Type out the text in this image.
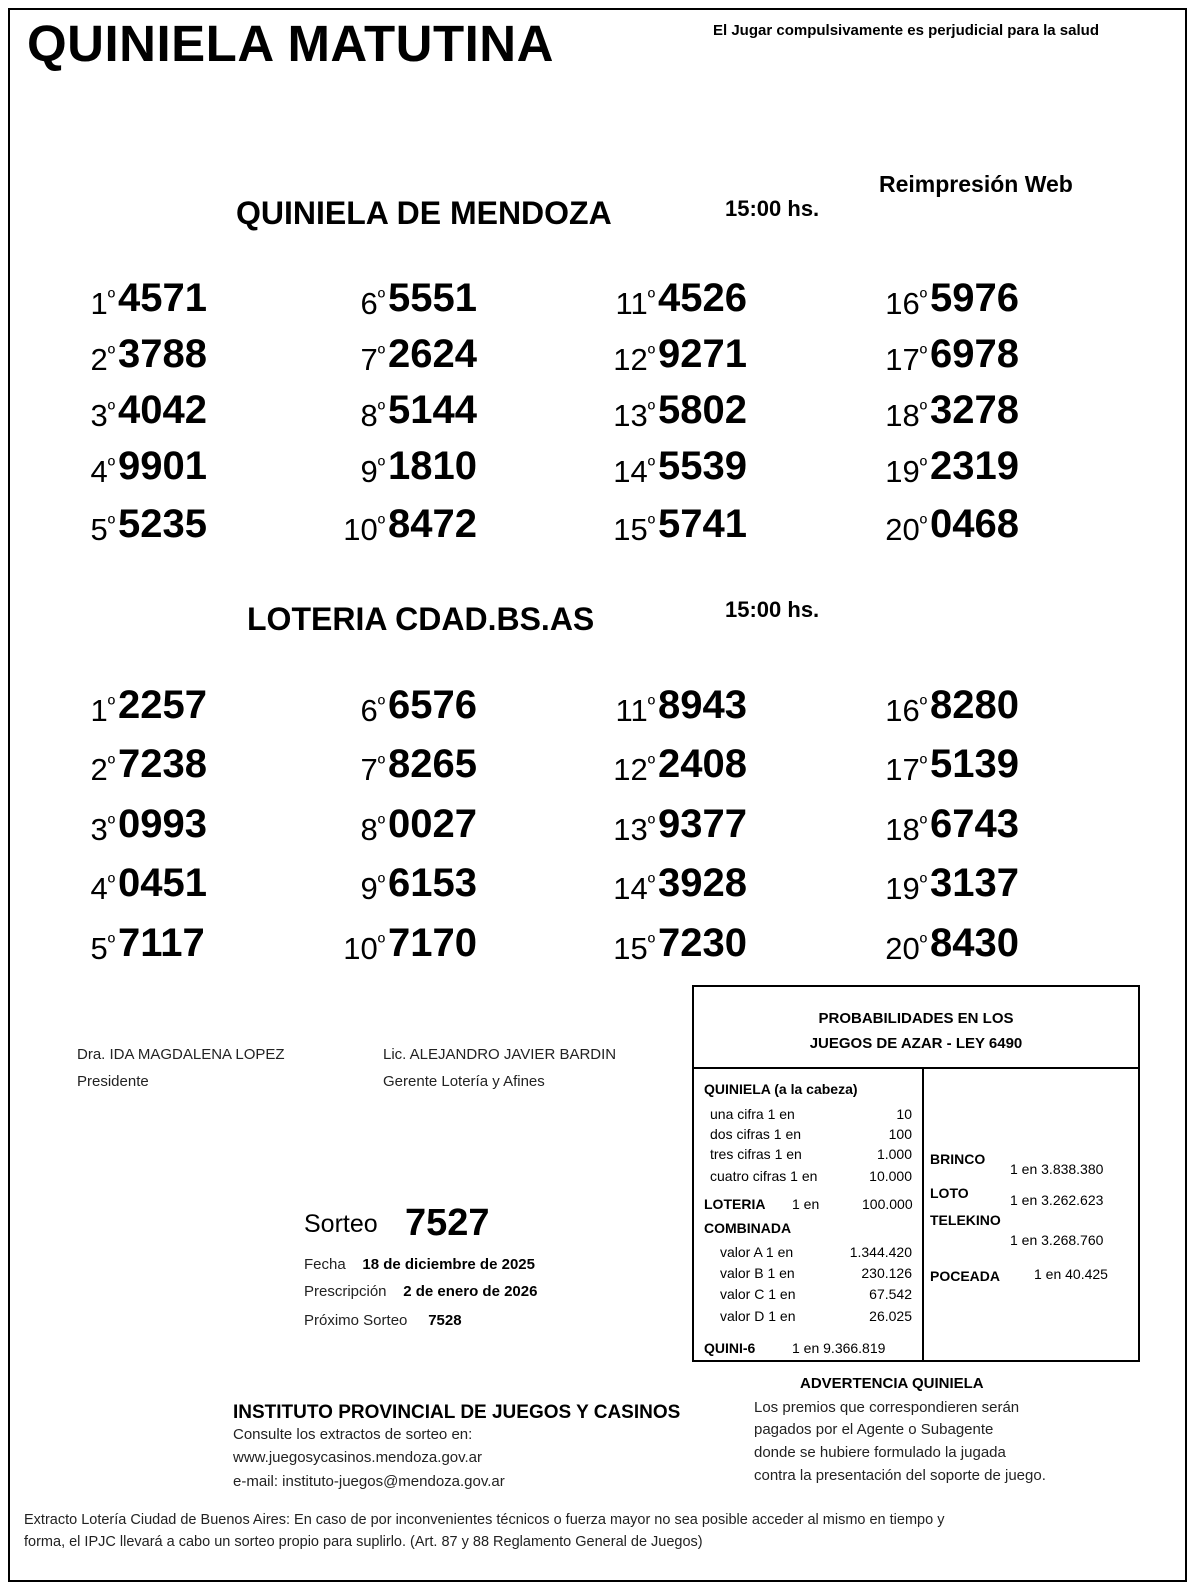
QUINIELA MATUTINA	El Jugar compulsivamente es perjudicial para la salud
Reimpresión Web
QUINIELA DE MENDOZA	15:00 hs.
$1^º$ 4571
$2^º$ 3788
$3^º$ 4042
$4^º$ 9901
$5^º$ 5235
$6^º$ 5551
$7^º$ 2624
$8^º$ 5144
$9^º$ 1810
$10^º$ 8472
$11^º$ 4526
$12^º$ 9271
$13^º$ 5802
$14^º$ 5539
$15^º$ 5741
$16^º$ 5976
$17^º$ 6978
$18^º$ 3278
$19^º$ 2319
$20^º$ 0468
LOTERIA CDAD.BS.AS	15:00 hs.
$1^º$ 2257
$2^º$ 7238
$3^º$ 0993
$4^º$ 0451
$5^º$ 7117
$6^º$ 6576
$7^º$ 8265
$8^º$ 0027
$9^º$ 6153
$10^º$ 7170
$11^º$ 8943
$12^º$ 2408
$13^º$ 9377
$14^º$ 3928
$15^º$ 7230
$16^º$ 8280
$17^º$ 5139
$18^º$ 6743
$19^º$ 3137
$20^º$ 8430
Dra. IDA MAGDALENA LOPEZ
Presidente
Lic. ALEJANDRO JAVIER BARDIN
Gerente Lotería y Afines
Sorteo 7527
Fecha 18 de diciembre de 2025
Prescripción 2 de enero de 2026
Próximo Sorteo 7528
PROBABILIDADES EN LOS
JUEGOS DE AZAR - LEY 6490
QUINIELA (a la cabeza)
una cifra 1 en	10
dos cifras 1 en	100
tres cifras 1 en	1.000
cuatro cifras 1 en	10.000
LOTERIA 1 en	100.000
COMBINADA
valor A 1 en	1.344.420
valor B 1 en	230.126
valor C 1 en	67.542
valor D 1 en	26.025
QUINI-6	1 en 9.366.819
BRINCO
1 en 3.838.380
LOTO	1 en 3.262.623
TELEKINO
1 en 3.268.760
POCEADA 1 en 40.425
INSTITUTO PROVINCIAL DE JUEGOS Y CASINOS
Consulte los extractos de sorteo en:
www.juegosycasinos.mendoza.gov.ar
e-mail: instituto-juegos@mendoza.gov.ar
ADVERTENCIA QUINIELA
Los premios que correspondieren serán
pagados por el Agente o Subagente
donde se hubiere formulado la jugada
contra la presentación del soporte de juego.
Extracto Lotería Ciudad de Buenos Aires: En caso de por inconvenientes técnicos o fuerza mayor no sea posible acceder al mismo en tiempo y
forma, el IPJC llevará a cabo un sorteo propio para suplirlo. (Art. 87 y 88 Reglamento General de Juegos)
